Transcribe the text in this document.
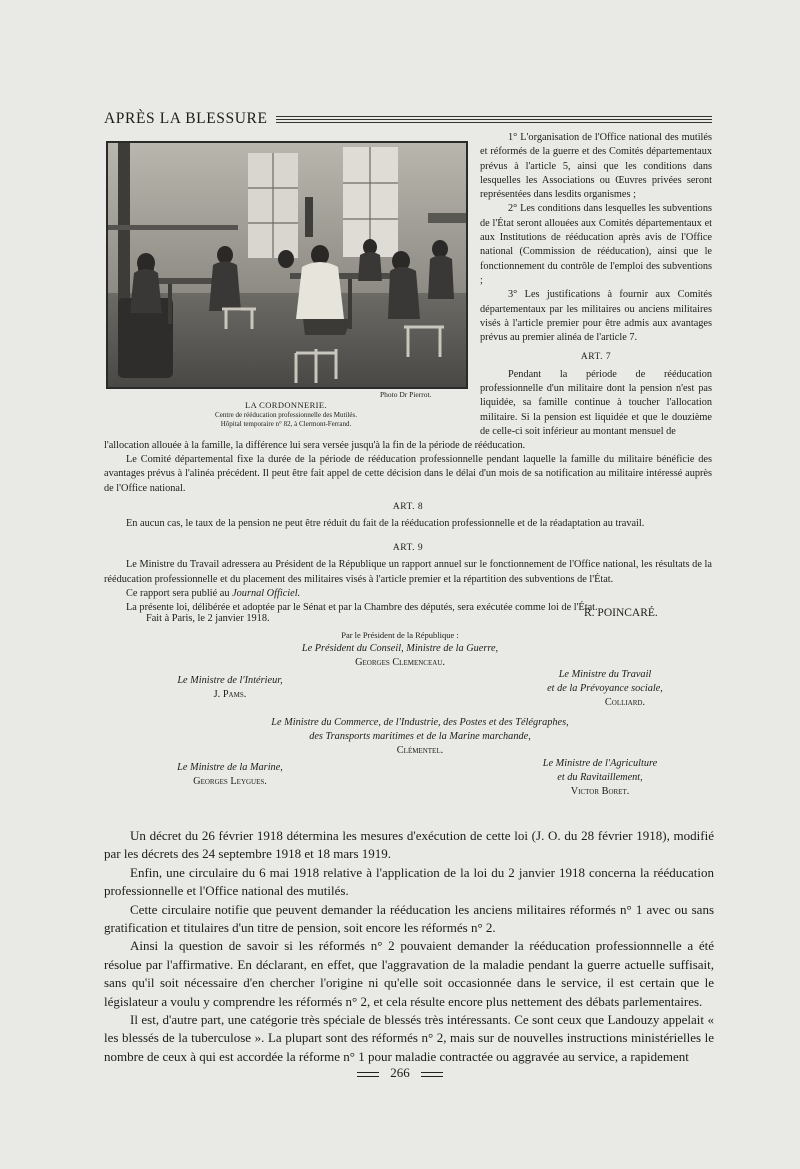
APRÈS LA BLESSURE
Photo Dr Pierrot.
LA CORDONNERIE.
Centre de rééducation professionnelle des Mutilés.
Hôpital temporaire n° 82, à Clermont-Ferrand.

1° L'organisation de l'Office national des mutilés et réformés de la guerre et des Comités départementaux prévus à l'article 5, ainsi que les conditions dans lesquelles les Associations ou Œuvres privées seront représentées dans lesdits organismes ;

2° Les conditions dans lesquelles les subventions de l'État seront allouées aux Comités départementaux et aux Institutions de rééducation après avis de l'Office national (Commission de rééducation), ainsi que le fonctionnement du contrôle de l'emploi des subventions ;

3° Les justifications à fournir aux Comités départementaux par les militaires ou anciens militaires visés à l'article premier pour être admis aux avantages prévus au premier alinéa de l'article 7.

ART. 7

Pendant la période de rééducation professionnelle d'un militaire dont la pension n'est pas liquidée, sa famille continue à toucher l'allocation militaire. Si la pension est liquidée et que le douzième de celle-ci soit inférieur au montant mensuel de

l'allocation allouée à la famille, la différence lui sera versée jusqu'à la fin de la période de rééducation.

Le Comité départemental fixe la durée de la période de rééducation professionnelle pendant laquelle la famille du militaire bénéficie des avantages prévus à l'alinéa précédent. Il peut être fait appel de cette décision dans le délai d'un mois de sa notification au militaire intéressé auprès de l'Office national.

ART. 8

En aucun cas, le taux de la pension ne peut être réduit du fait de la rééducation professionnelle et de la réadaptation au travail.

ART. 9

Le Ministre du Travail adressera au Président de la République un rapport annuel sur le fonctionnement de l'Office national, les résultats de la rééducation professionnelle et du placement des militaires visés à l'article premier et la répartition des subventions de l'État.

Ce rapport sera publié au Journal Officiel.

La présente loi, délibérée et adoptée par le Sénat et par la Chambre des députés, sera exécutée comme loi de l'État.

Fait à Paris, le 2 janvier 1918.	R. POINCARÉ.
Par le Président de la République :
Le Président du Conseil, Ministre de la Guerre,
Georges Clemenceau.
Le Ministre de l'Intérieur,
J. Pams.
Le Ministre du Travail
et de la Prévoyance sociale,
Colliard.
Le Ministre du Commerce, de l'Industrie, des Postes et des Télégraphes,
des Transports maritimes et de la Marine marchande,
Clémentel.
Le Ministre de la Marine,
Georges Leygues.
Le Ministre de l'Agriculture
et du Ravitaillement,
Victor Boret.

Un décret du 26 février 1918 détermina les mesures d'exécution de cette loi (J. O. du 28 février 1918), modifié par les décrets des 24 septembre 1918 et 18 mars 1919.

Enfin, une circulaire du 6 mai 1918 relative à l'application de la loi du 2 janvier 1918 concerna la rééducation professionnelle et l'Office national des mutilés.

Cette circulaire notifie que peuvent demander la rééducation les anciens militaires réformés n° 1 avec ou sans gratification et titulaires d'un titre de pension, soit encore les réformés n° 2.

Ainsi la question de savoir si les réformés n° 2 pouvaient demander la rééducation professionnnelle a été résolue par l'affirmative. En déclarant, en effet, que l'aggravation de la maladie pendant la guerre actuelle suffisait, sans qu'il soit nécessaire d'en chercher l'origine ni qu'elle soit occasionnée dans le service, il est certain que le législateur a voulu y comprendre les réformés n° 2, et cela résulte encore plus nettement des débats parlementaires.

Il est, d'autre part, une catégorie très spéciale de blessés très intéressants. Ce sont ceux que Landouzy appelait « les blessés de la tuberculose ». La plupart sont des réformés n° 2, mais sur de nouvelles instructions ministérielles le nombre de ceux à qui est accordée la réforme n° 1 pour maladie contractée ou aggravée au service, a rapidement

266
